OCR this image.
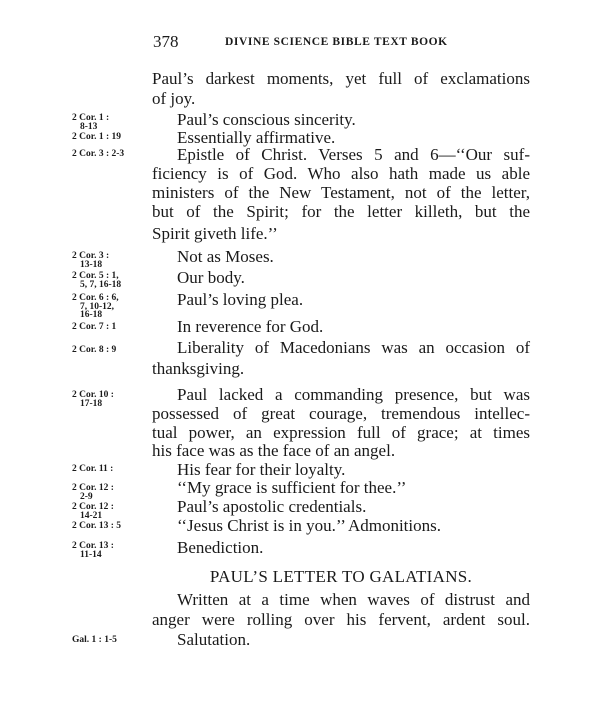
378	DIVINE SCIENCE BIBLE TEXT BOOK
Paul’s darkest moments, yet full of exclamations
of joy.
Paul’s conscious sincerity.
Essentially affirmative.
Epistle of Christ. Verses 5 and 6—‘‘Our suf-
ficiency is of God. Who also hath made us able
ministers of the New Testament, not of the letter,
but of the Spirit; for the letter killeth, but the
Spirit giveth life.’’
Not as Moses.
Our body.
Paul’s loving plea.
In reverence for God.
Liberality of Macedonians was an occasion of
thanksgiving.
Paul lacked a commanding presence, but was
possessed of great courage, tremendous intellec-
tual power, an expression full of grace; at times
his face was as the face of an angel.
His fear for their loyalty.
‘‘My grace is sufficient for thee.’’
Paul’s apostolic credentials.
‘‘Jesus Christ is in you.’’ Admonitions.
Benediction.
PAUL’S LETTER TO GALATIANS.
Written at a time when waves of distrust and
anger were rolling over his fervent, ardent soul.
Salutation.
2 Cor. 1 :
8-13
2 Cor. 1 : 19
2 Cor. 3 : 2-3
2 Cor. 3 :
13-18
2 Cor. 5 : 1,
5, 7, 16-18
2 Cor. 6 : 6,
7, 10-12,
16-18
2 Cor. 7 : 1
2 Cor. 8 : 9
2 Cor. 10 :
17-18
2 Cor. 11 :
2 Cor. 12 :
2-9
2 Cor. 12 :
14-21
2 Cor. 13 : 5
2 Cor. 13 :
11-14
Gal. 1 : 1-5
